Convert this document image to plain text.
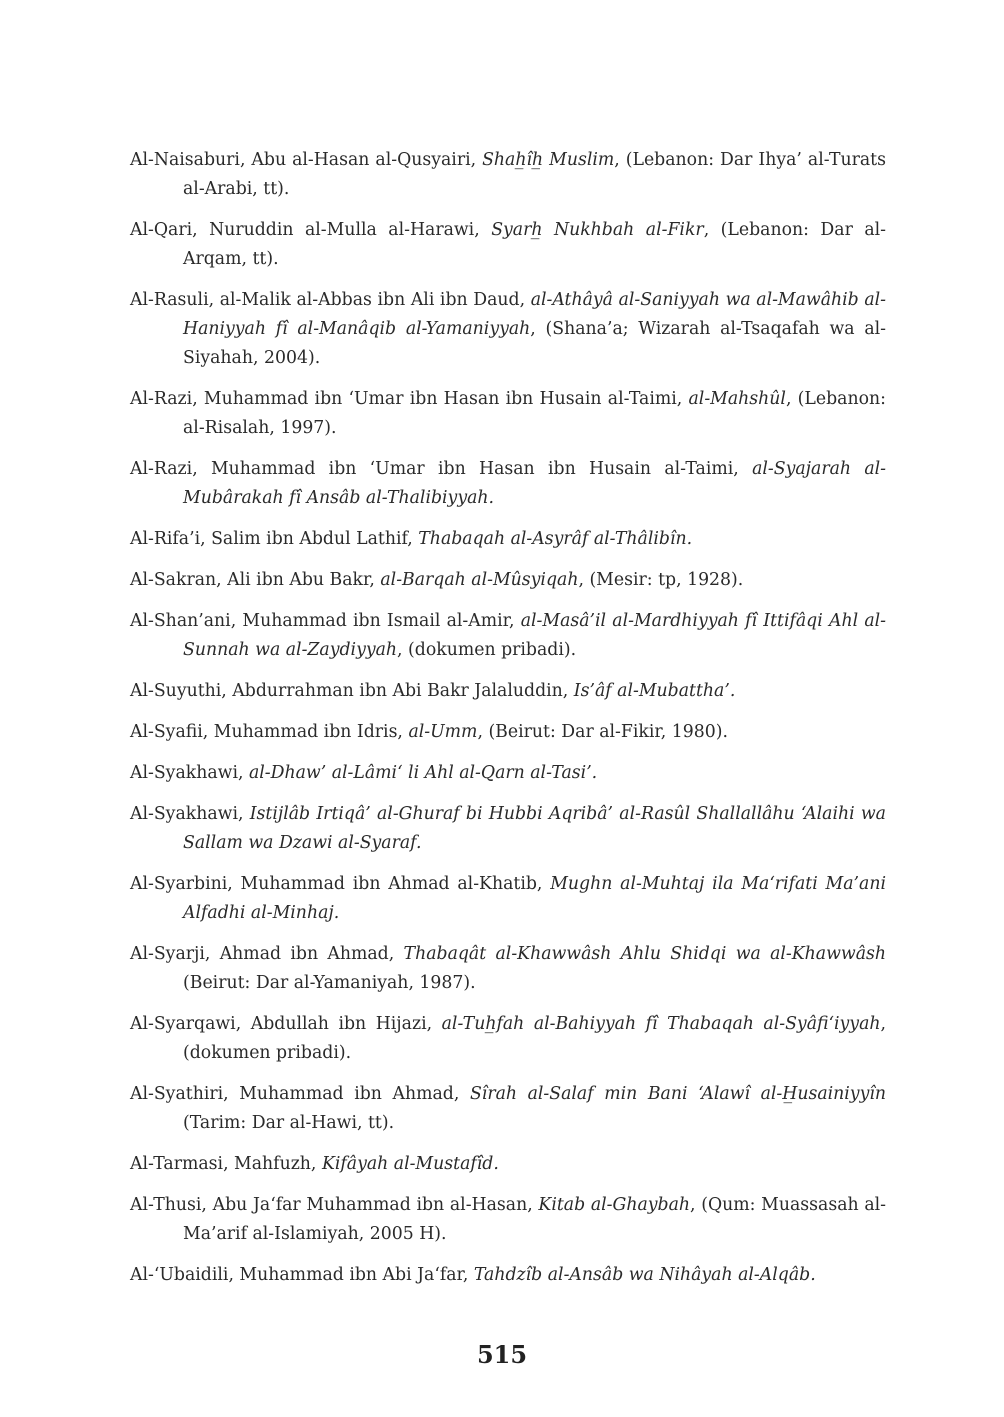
Al-Naisaburi, Abu al-Hasan al-Qusyairi, Shah̲îh̲ Muslim, (Lebanon: Dar Ihya’ al-Turats al-Arabi, tt).

Al-Qari, Nuruddin al-Mulla al-Harawi, Syarh̲ Nukhbah al-Fikr, (Lebanon: Dar al-Arqam, tt).

Al-Rasuli, al-Malik al-Abbas ibn Ali ibn Daud, al-Athâyâ al-Saniyyah wa al-Mawâhib al-Haniyyah fî al-Manâqib al-Yamaniyyah, (Shana’a; Wizarah al-Tsaqafah wa al-Siyahah, 2004).

Al-Razi, Muhammad ibn ‘Umar ibn Hasan ibn Husain al-Taimi, al-Mahshûl, (Lebanon: al-Risalah, 1997).

Al-Razi, Muhammad ibn ‘Umar ibn Hasan ibn Husain al-Taimi, al-Syajarah al-Mubârakah fî Ansâb al-Thalibiyyah.

Al-Rifa’i, Salim ibn Abdul Lathif, Thabaqah al-Asyrâf al-Thâlibîn.

Al-Sakran, Ali ibn Abu Bakr, al-Barqah al-Mûsyiqah, (Mesir: tp, 1928).

Al-Shan’ani, Muhammad ibn Ismail al-Amir, al-Masâ’il al-Mardhiyyah fî Ittifâqi Ahl al-Sunnah wa al-Zaydiyyah, (dokumen pribadi).

Al-Suyuthi, Abdurrahman ibn Abi Bakr Jalaluddin, Is’âf al-Mubattha’.

Al-Syafii, Muhammad ibn Idris, al-Umm, (Beirut: Dar al-Fikir, 1980).

Al-Syakhawi, al-Dhaw’ al-Lâmi‘ li Ahl al-Qarn al-Tasi’.

Al-Syakhawi, Istijlâb Irtiqâ’ al-Ghuraf bi Hubbi Aqribâ’ al-Rasûl Shallallâhu ‘Alaihi wa Sallam wa Dzawi al-Syaraf.

Al-Syarbini, Muhammad ibn Ahmad al-Khatib, Mughn al-Muhtaj ila Ma‘rifati Ma’ani Alfadhi al-Minhaj.

Al-Syarji, Ahmad ibn Ahmad, Thabaqât al-Khawwâsh Ahlu Shidqi wa al-Khawwâsh (Beirut: Dar al-Yamaniyah, 1987).

Al-Syarqawi, Abdullah ibn Hijazi, al-Tuh̲fah al-Bahiyyah fî Thabaqah al-Syâfi‘iyyah, (dokumen pribadi).

Al-Syathiri, Muhammad ibn Ahmad, Sîrah al-Salaf min Bani ‘Alawî al-H̲usainiyyîn (Tarim: Dar al-Hawi, tt).

Al-Tarmasi, Mahfuzh, Kifâyah al-Mustafîd.

Al-Thusi, Abu Ja‘far Muhammad ibn al-Hasan, Kitab al-Ghaybah, (Qum: Muassasah al-Ma’arif al-Islamiyah, 2005 H).

Al-‘Ubaidili, Muhammad ibn Abi Ja‘far, Tahdzîb al-Ansâb wa Nihâyah al-Alqâb.

515
